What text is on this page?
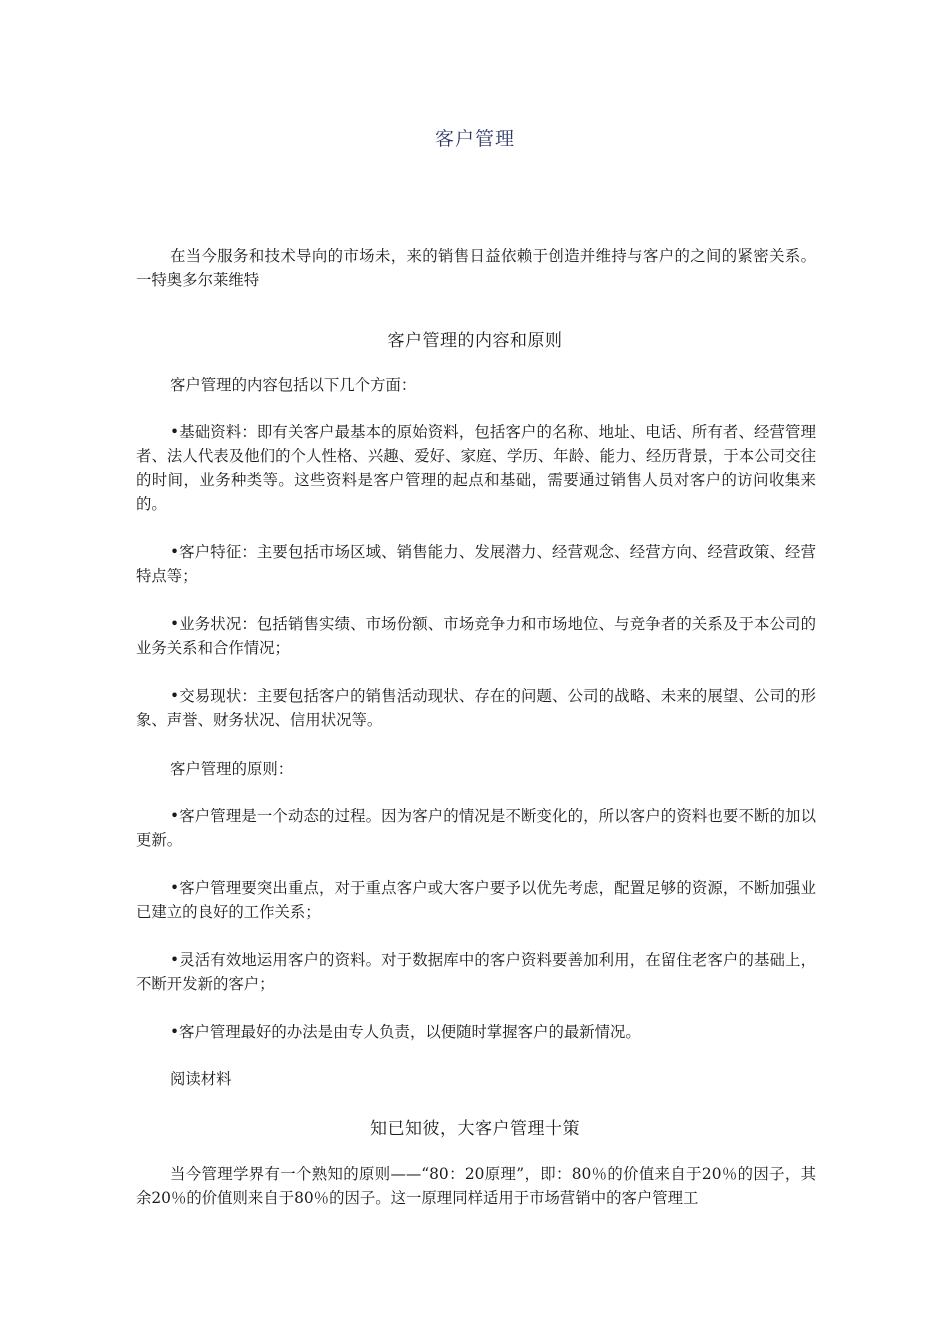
客户管理

在当今服务和技术导向的市场未，来的销售日益依赖于创造并维持与客户的之间的紧密关系。一特奥多尔莱维特

客户管理的内容和原则

客户管理的内容包括以下几个方面：

•基础资料：即有关客户最基本的原始资料，包括客户的名称、地址、电话、所有者、经营管理者、法人代表及他们的个人性格、兴趣、爱好、家庭、学历、年龄、能力、经历背景，于本公司交往的时间，业务种类等。这些资料是客户管理的起点和基础，需要通过销售人员对客户的访问收集来的。

•客户特征：主要包括市场区域、销售能力、发展潜力、经营观念、经营方向、经营政策、经营特点等；

•业务状况：包括销售实绩、市场份额、市场竞争力和市场地位、与竞争者的关系及于本公司的业务关系和合作情况；

•交易现状：主要包括客户的销售活动现状、存在的问题、公司的战略、未来的展望、公司的形象、声誉、财务状况、信用状况等。

客户管理的原则：

•客户管理是一个动态的过程。因为客户的情况是不断变化的，所以客户的资料也要不断的加以更新。

•客户管理要突出重点，对于重点客户或大客户要予以优先考虑，配置足够的资源，不断加强业已建立的良好的工作关系；

•灵活有效地运用客户的资料。对于数据库中的客户资料要善加利用，在留住老客户的基础上，不断开发新的客户；

•客户管理最好的办法是由专人负责，以便随时掌握客户的最新情况。

阅读材料

知已知彼，大客户管理十策

当今管理学界有一个熟知的原则——“80：20原理”，即：80％的价值来自于20％的因子，其余20％的价值则来自于80％的因子。这一原理同样适用于市场营销中的客户管理工
